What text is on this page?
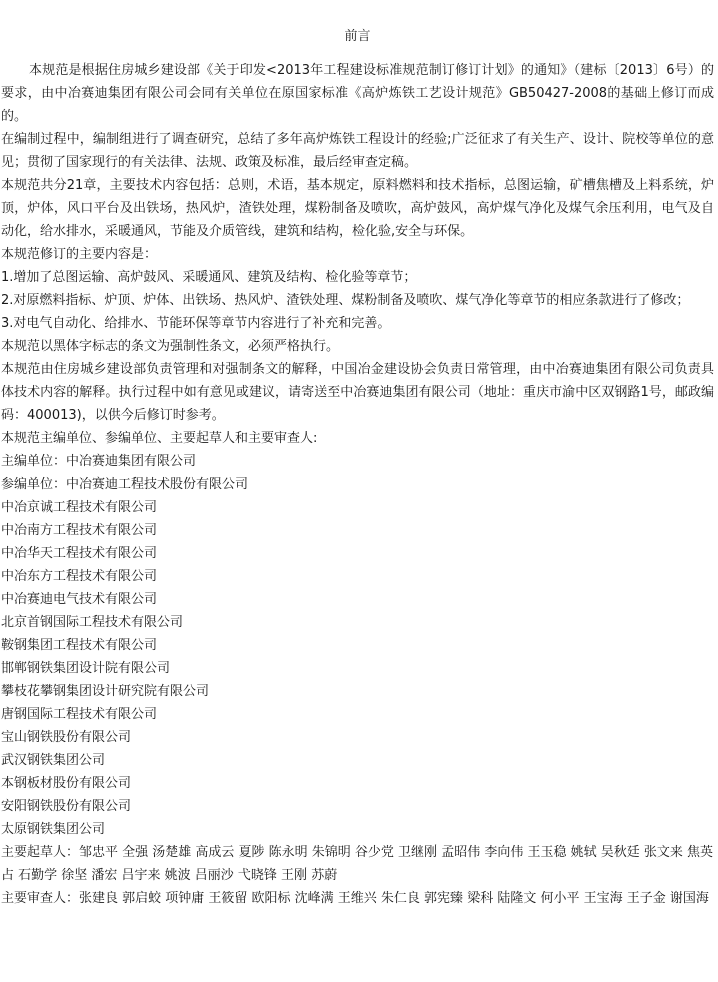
前言

本规范是根据住房城乡建设部《关于印发<2013年工程建设标准规范制订修订计划》的通知》（建标〔2013〕6号）的要求，由中冶赛迪集团有限公司会同有关单位在原国家标准《高炉炼铁工艺设计规范》GB50427-2008的基础上修订而成的。

在编制过程中，编制组进行了调查研究，总结了多年高炉炼铁工程设计的经验;广泛征求了有关生产、设计、院校等单位的意见；贯彻了国家现行的有关法律、法规、政策及标准，最后经审查定稿。

本规范共分21章，主要技术内容包括：总则，术语，基本规定，原料燃料和技术指标，总图运输，矿槽焦槽及上料系统，炉顶，炉体，风口平台及出铁场，热风炉，渣铁处理，煤粉制备及喷吹，高炉鼓风，高炉煤气净化及煤气余压利用，电气及自动化，给水排水，采暖通风，节能及介质管线，建筑和结构，检化验,安全与环保。

本规范修订的主要内容是：

1.增加了总图运输、高炉鼓风、采暖通风、建筑及结构、检化验等章节；

2.对原燃料指标、炉顶、炉体、出铁场、热风炉、渣铁处理、煤粉制备及喷吹、煤气净化等章节的相应条款进行了修改；

3.对电气自动化、给排水、节能环保等章节内容进行了补充和完善。

本规范以黑体字标志的条文为强制性条文，必须严格执行。

本规范由住房城乡建设部负责管理和对强制条文的解释，中国冶金建设协会负责日常管理，由中冶赛迪集团有限公司负责具体技术内容的解释。执行过程中如有意见或建议，请寄送至中冶赛迪集团有限公司（地址：重庆市渝中区双钢路1号，邮政编码：400013)，以供今后修订时参考。

本规范主编单位、参编单位、主要起草人和主要审查人:

主编单位：中冶赛迪集团有限公司

参编单位：中冶赛迪工程技术股份有限公司

中冶京诚工程技术有限公司
中冶南方工程技术有限公司
中冶华天工程技术有限公司
中冶东方工程技术有限公司
中冶赛迪电气技术有限公司
北京首钢国际工程技术有限公司
鞍钢集团工程技术有限公司
邯郸钢铁集团设计院有限公司
攀枝花攀钢集团设计研究院有限公司
唐钢国际工程技术有限公司
宝山钢铁股份有限公司
武汉钢铁集团公司
本钢板材股份有限公司
安阳钢铁股份有限公司
太原钢铁集团公司

主要起草人：邹忠平 全强 汤楚雄 高成云 夏陟 陈永明 朱锦明 谷少党 卫继刚 孟昭伟 李向伟 王玉稳 姚轼 吴秋廷 张文来 焦英占 石勤学 徐坚 潘宏 吕宇来 姚波 吕丽沙 弋晓锋 王刚 苏蔚

主要审查人：张建良 郭启蛟 项钟庸 王筱留 欧阳标 沈峰满 王维兴 朱仁良 郭宪臻 梁科 陆隆文 何小平 王宝海 王子金 谢国海
